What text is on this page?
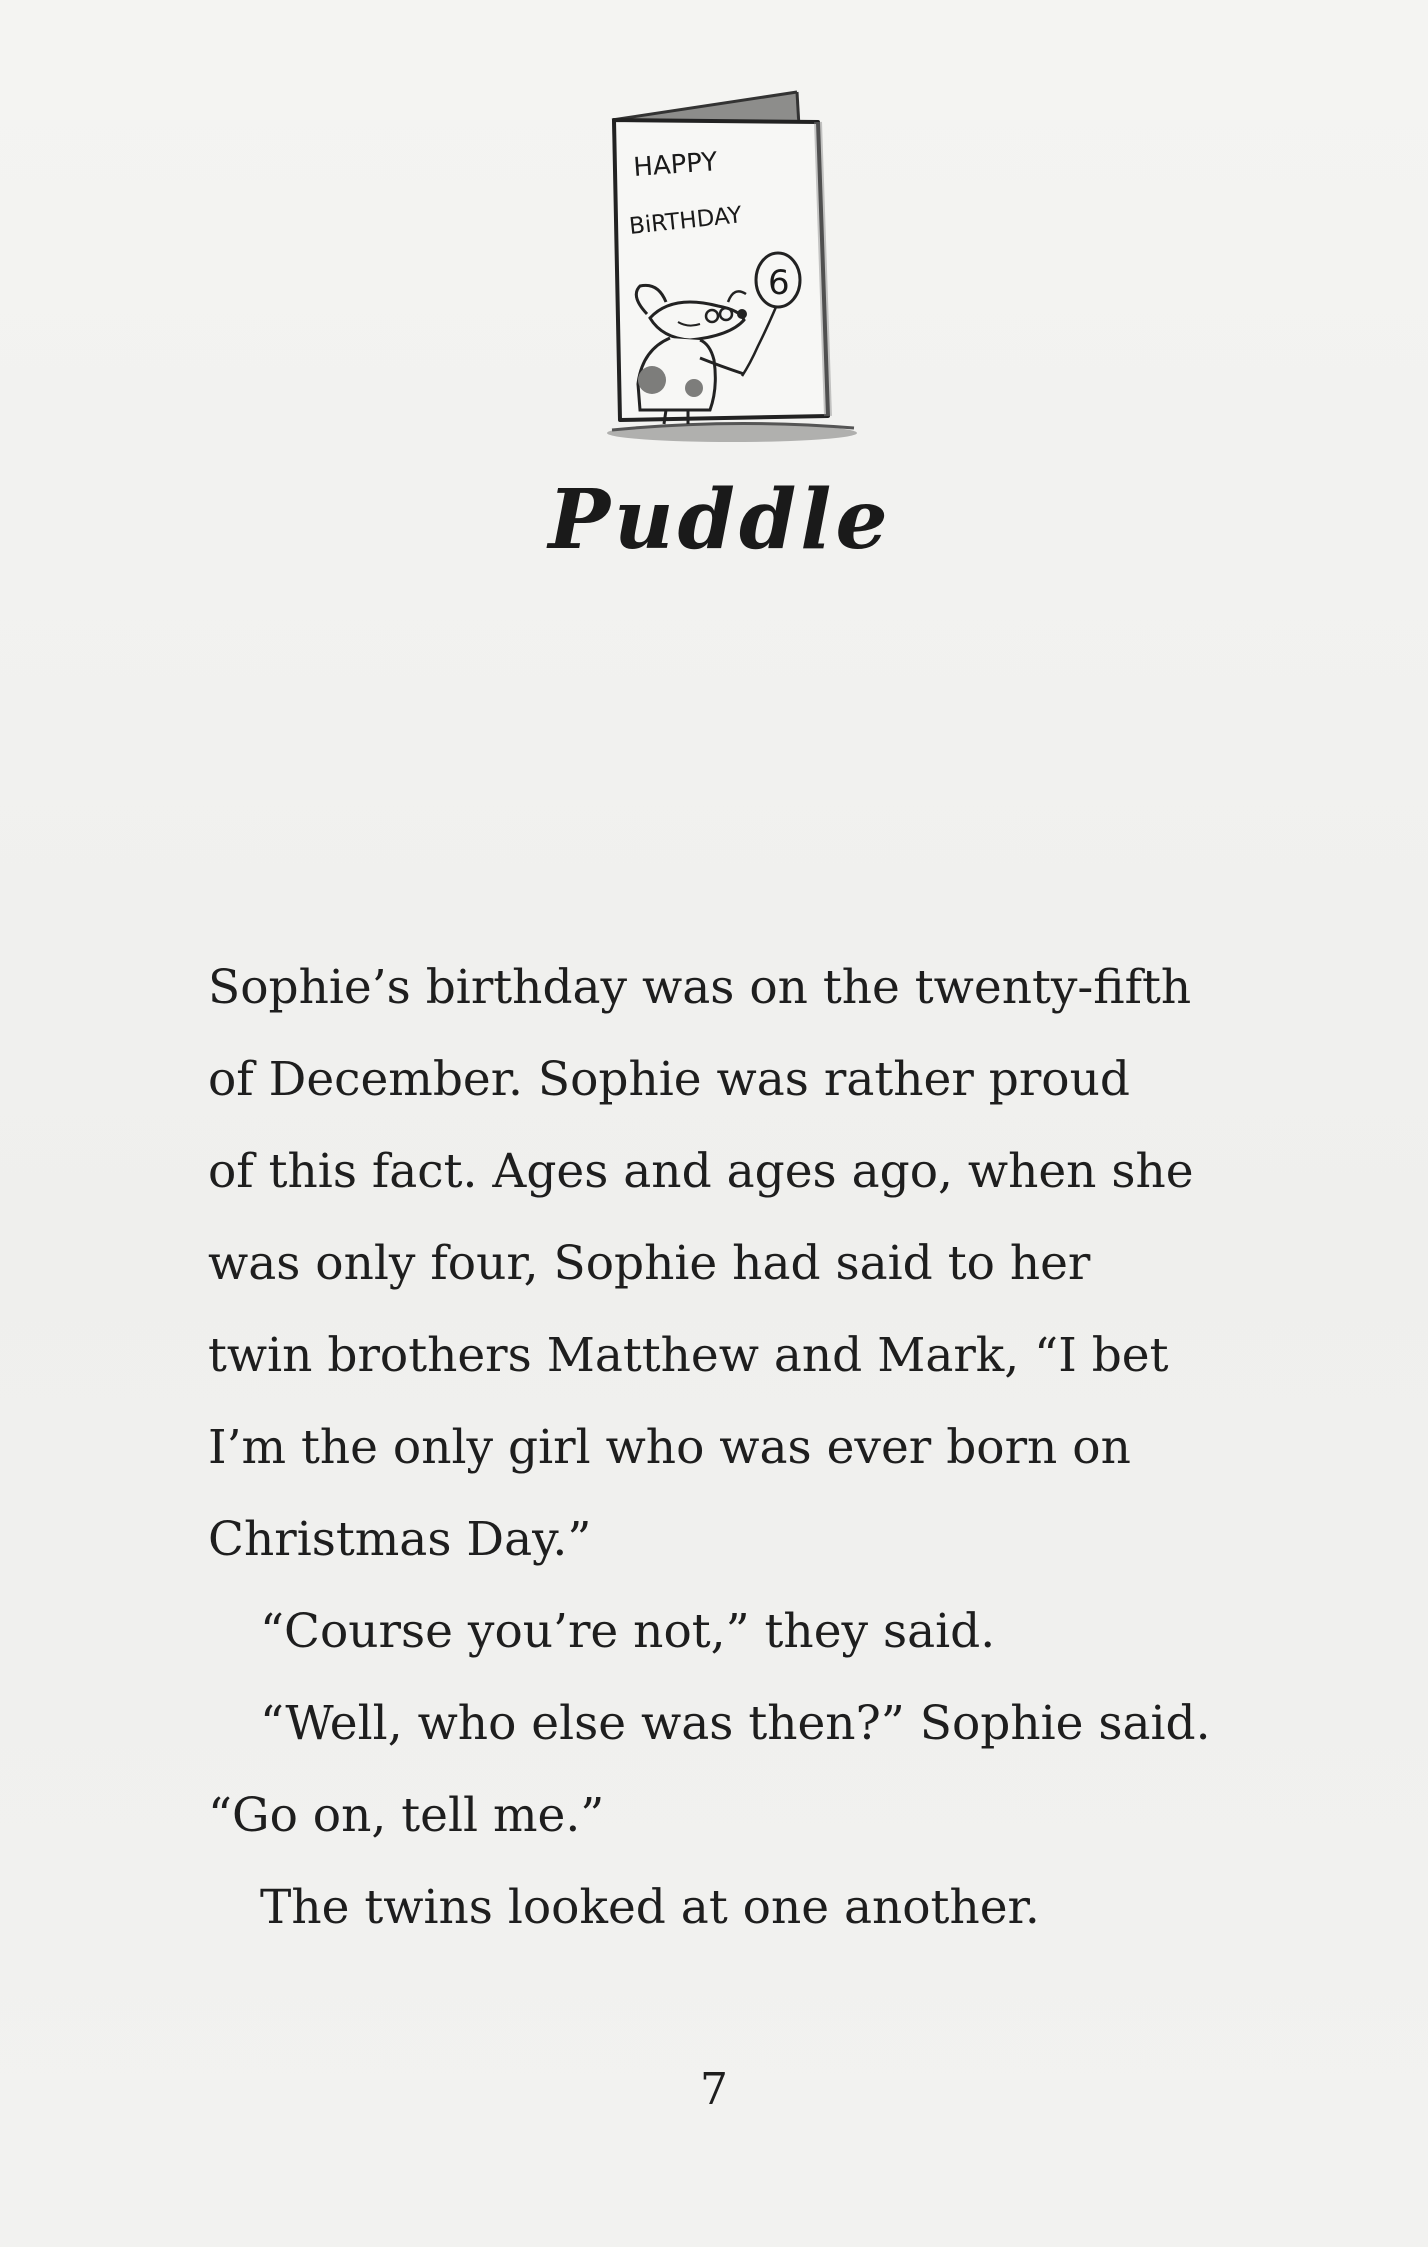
HAPPY
BiRTHDAY
6
Puddle
Sophie’s birthday was on the twenty-fifth
of December. Sophie was rather proud
of this fact. Ages and ages ago, when she
was only four, Sophie had said to her
twin brothers Matthew and Mark, “I bet
I’m the only girl who was ever born on
Christmas Day.”
“Course you’re not,” they said.
“Well, who else was then?” Sophie said.
“Go on, tell me.”
The twins looked at one another.
7
